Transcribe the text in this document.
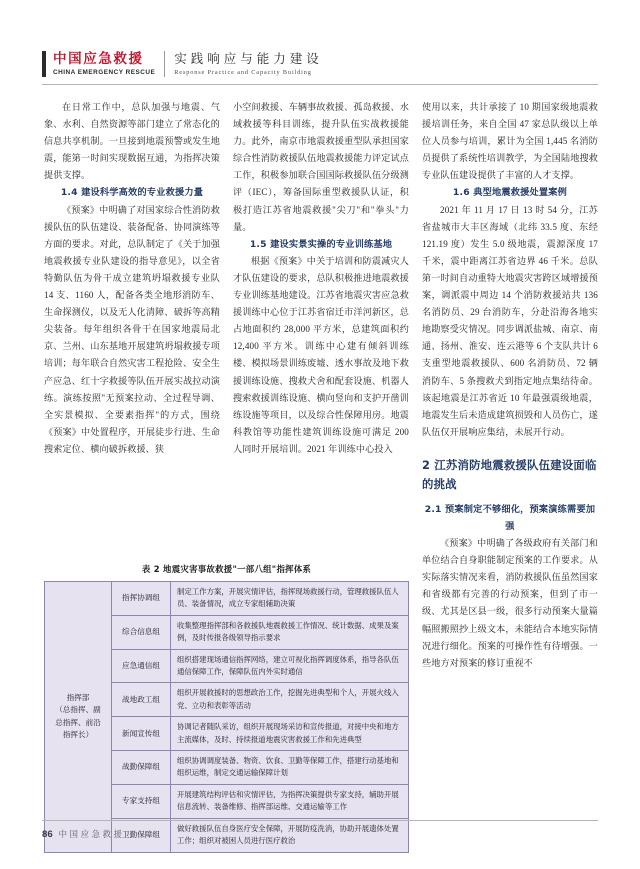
中国应急救援
CHINA EMERGENCY RESCUE
实践响应与能力建设
Response Practice and Capacity Building

在日常工作中，总队加强与地震、气象、水利、自然资源等部门建立了常态化的信息共享机制。一旦接到地震预警或发生地震，能第一时间实现数据互通，为指挥决策提供支撑。

1.4 建设科学高效的专业救援力量

《预案》中明确了对国家综合性消防救援队伍的队伍建设、装备配备、协同演练等方面的要求。对此，总队制定了《关于加强地震救援专业队建设的指导意见》，以全省特勤队伍为骨干成立建筑坍塌救援专业队 14 支、1160 人，配备各类全地形消防车、生命探测仪，以及无人化清障、破拆等高精尖装备。每年组织各骨干在国家地震局北京、兰州、山东基地开展建筑坍塌救援专项培训；每年联合自然灾害工程抢险、安全生产应急、红十字救援等队伍开展实战拉动演练。演练按照"无预案拉动、全过程导调、全实景模拟、全要素指挥"的方式，围绕《预案》中处置程序，开展徒步行进、生命搜索定位、横向破拆救援、狭

小空间救援、车辆事故救援、孤岛救援、水域救援等科目训练，提升队伍实战救援能力。此外，南京市地震救援重型队承担国家综合性消防救援队伍地震救援能力评定试点工作，积极参加联合国国际救援队伍分级测评（IEC），筹备国际重型救援队认证，积极打造江苏省地震救援"尖刀"和"拳头"力量。

1.5 建设实景实操的专业训练基地

根据《预案》中关于培训和防震减灾人才队伍建设的要求，总队积极推进地震救援专业训练基地建设。江苏省地震灾害应急救援训练中心位于江苏省宿迁市洋河新区，总占地面积约 28,000 平方米，总建筑面积约 12,400 平方米。训练中心建有倾斜训练楼、模拟场景训练废墟、透水事故及地下救援训练设施、搜救犬舍和配套设施、机器人搜索救援训练设施、横向竖向和支护开凿训练设施等项目，以及综合性保障用房。地震科教馆等功能性建筑训练设施可满足 200 人同时开展培训。2021 年训练中心投入

使用以来，共计承接了 10 期国家级地震救援培训任务，来自全国 47 家总队级以上单位人员参与培训，累计为全国 1,445 名消防员提供了系统性培训教学，为全国陆地搜救专业队伍建设提供了丰富的人才支撑。

1.6 典型地震救援处置案例

2021 年 11 月 17 日 13 时 54 分，江苏省盐城市大丰区海域（北纬 33.5 度、东经 121.19 度）发生 5.0 级地震，震源深度 17 千米，震中距离江苏省边界 46 千米。总队第一时间自动重特大地震灾害跨区域增援预案，调派震中周边 14 个消防救援站共 136 名消防员、29 台消防车，分赴沿海各地实地勘察受灾情况。同步调派盐城、南京、南通、扬州、淮安、连云港等 6 个支队共计 6 支重型地震救援队、600 名消防员、72 辆消防车、5 条搜救犬到指定地点集结待命。该起地震是江苏省近 10 年最强震级地震，地震发生后未造成建筑损毁和人员伤亡，遂队伍仅开展响应集结，未展开行动。

2 江苏消防地震救援队伍建设面临的挑战
2.1 预案制定不够细化，预案演练需要加强

《预案》中明确了各级政府有关部门和单位结合自身职能制定预案的工作要求。从实际落实情况来看，消防救援队伍虽然国家和省级都有完善的行动预案，但到了市一级、尤其是区县一级，很多行动预案大量篇幅照搬照抄上级文本，未能结合本地实际情况进行细化。预案的可操作性有待增强。一些地方对预案的修订重视不

表 2 地震灾害事故救援"一部八组"指挥体系
指挥部
（总指挥、副
总指挥、前沿
指挥长）	指挥协调组	制定工作方案，开展灾情评估，指挥现场救援行动，管理救援队伍人员、装备情况，成立专家组辅助决策
	综合信息组	收集整理指挥部和各救援队地震救援工作情况、统计数据、成果及案例，及时传报各级领导指示要求
	应急通信组	组织搭建现场通信指挥网络，建立可视化指挥调度体系，指导各队伍通信保障工作，保障队伍内外实时通信
	战地政工组	组织开展救援时的思想政治工作，挖掘先进典型和个人，开展火线入党、立功和表彰等活动
	新闻宣传组	协调记者随队采访，组织开展现场采访和宣传报道，对接中央和地方主流媒体，及时、持续报道地震灾害救援工作和先进典型
	战勤保障组	组织协调调度装备、物资、饮食、卫勤等保障工作，搭建行动基地和组织运维，制定交通运输保障计划
	专家支持组	开展建筑结构评估和灾情评估，为指挥决策提供专家支持，辅助开展信息流转、装备维修、指挥部运维、交通运输等工作
	卫勤保障组	做好救援队伍自身医疗安全保障，开展防疫洗消，协助开展遗体处置工作；组织对被困人员进行医疗救治
86 中国应急救援
